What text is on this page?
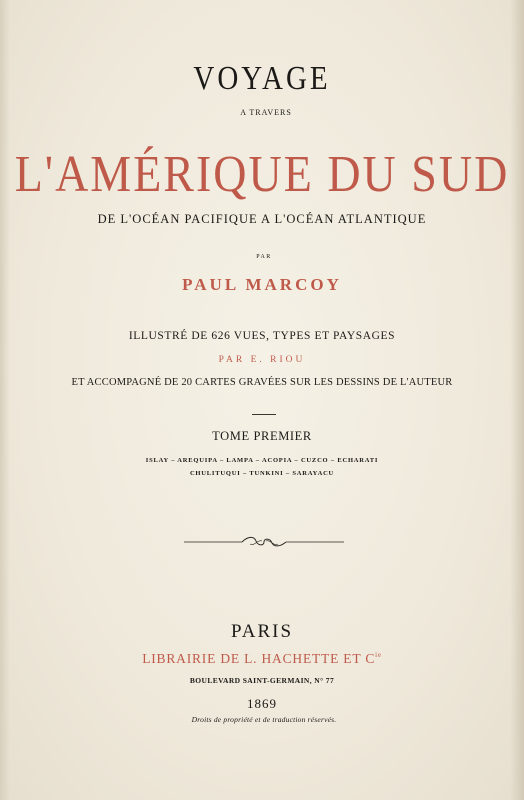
VOYAGE
A TRAVERS
L'AMÉRIQUE DU SUD
DE L'OCÉAN PACIFIQUE A L'OCÉAN ATLANTIQUE
PAR
PAUL MARCOY
ILLUSTRÉ DE 626 VUES, TYPES ET PAYSAGES
PAR E. RIOU
ET ACCOMPAGNÉ DE 20 CARTES GRAVÉES SUR LES DESSINS DE L'AUTEUR
TOME PREMIER
ISLAY – AREQUIPA – LAMPA – ACOPIA – CUZCO – ECHARATI
CHULITUQUI – TUNKINI – SARAYACU
PARIS
LIBRAIRIE DE L. HACHETTE ET $C^{ie}$
BOULEVARD SAINT-GERMAIN, N° 77
1869
Droits de propriété et de traduction réservés.
